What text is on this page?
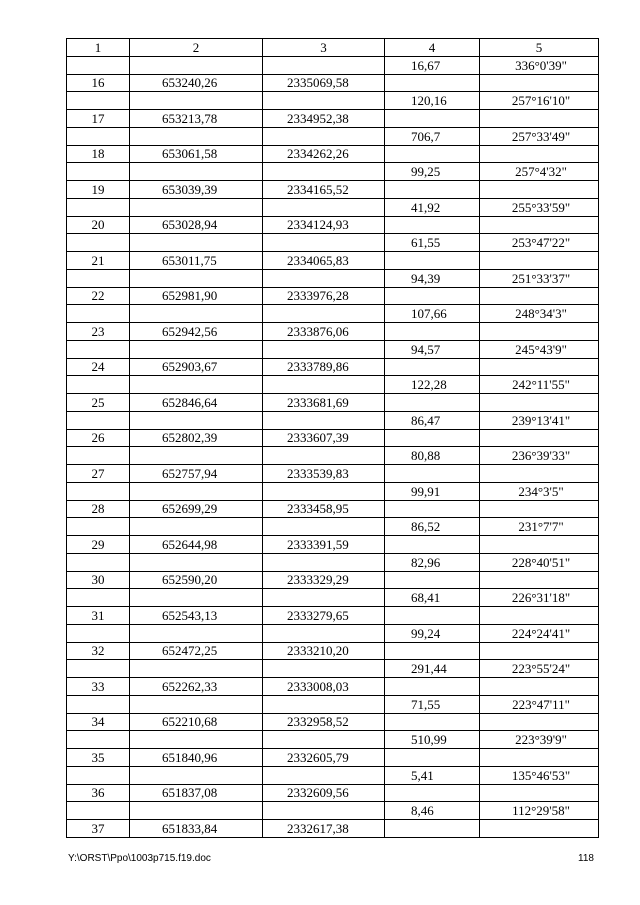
1	2	3	4	5
			16,67	336°0'39"
16	653240,26	2335069,58		
			120,16	257°16'10"
17	653213,78	2334952,38		
			706,7	257°33'49"
18	653061,58	2334262,26		
			99,25	257°4'32"
19	653039,39	2334165,52		
			41,92	255°33'59"
20	653028,94	2334124,93		
			61,55	253°47'22"
21	653011,75	2334065,83		
			94,39	251°33'37"
22	652981,90	2333976,28		
			107,66	248°34'3"
23	652942,56	2333876,06		
			94,57	245°43'9"
24	652903,67	2333789,86		
			122,28	242°11'55"
25	652846,64	2333681,69		
			86,47	239°13'41"
26	652802,39	2333607,39		
			80,88	236°39'33"
27	652757,94	2333539,83		
			99,91	234°3'5"
28	652699,29	2333458,95		
			86,52	231°7'7"
29	652644,98	2333391,59		
			82,96	228°40'51"
30	652590,20	2333329,29		
			68,41	226°31'18"
31	652543,13	2333279,65		
			99,24	224°24'41"
32	652472,25	2333210,20		
			291,44	223°55'24"
33	652262,33	2333008,03		
			71,55	223°47'11"
34	652210,68	2332958,52		
			510,99	223°39'9"
35	651840,96	2332605,79		
			5,41	135°46'53"
36	651837,08	2332609,56		
			8,46	112°29'58"
37	651833,84	2332617,38		
Y:\ORST\Ppo\1003p715.f19.doc	118
